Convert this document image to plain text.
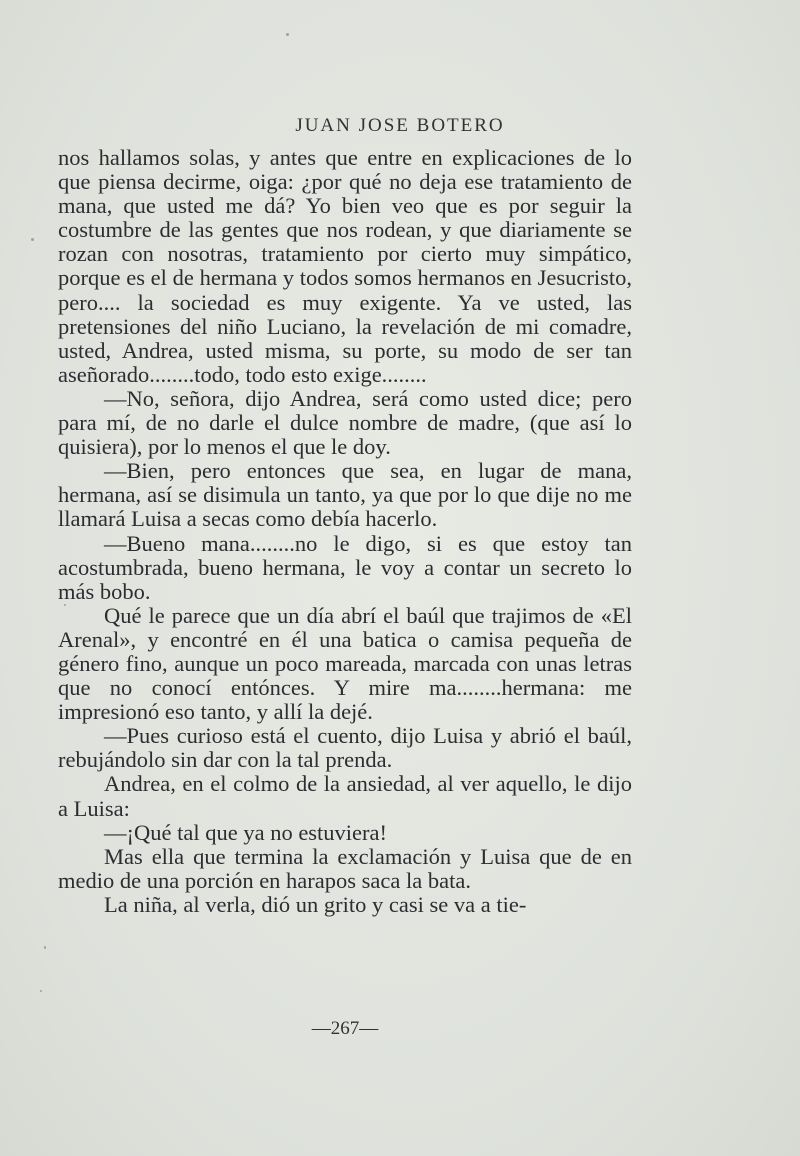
JUAN JOSE BOTERO

nos hallamos solas, y antes que entre en explicaciones de lo que piensa decirme, oiga: ¿por qué no deja ese tratamiento de mana, que usted me dá? Yo bien veo que es por seguir la costumbre de las gentes que nos rodean, y que diariamente se rozan con nosotras, tratamiento por cierto muy simpático, porque es el de hermana y todos somos hermanos en Jesucristo, pero.... la sociedad es muy exigente. Ya ve usted, las pretensiones del niño Luciano, la revelación de mi comadre, usted, Andrea, usted misma, su porte, su modo de ser tan aseñorado........todo, todo esto exige........

—No, señora, dijo Andrea, será como usted dice; pero para mí, de no darle el dulce nombre de madre, (que así lo quisiera), por lo menos el que le doy.

—Bien, pero entonces que sea, en lugar de mana, hermana, así se disimula un tanto, ya que por lo que dije no me llamará Luisa a secas como debía hacerlo.

—Bueno mana........no le digo, si es que estoy tan acostumbrada, bueno hermana, le voy a contar un secreto lo más bobo.

Qué le parece que un día abrí el baúl que trajimos de «El Arenal», y encontré en él una batica o camisa pequeña de género fino, aunque un poco mareada, marcada con unas letras que no conocí entónces. Y mire ma........hermana: me impresionó eso tanto, y allí la dejé.

—Pues curioso está el cuento, dijo Luisa y abrió el baúl, rebujándolo sin dar con la tal prenda.

Andrea, en el colmo de la ansiedad, al ver aquello, le dijo a Luisa:

—¡Qué tal que ya no estuviera!

Mas ella que termina la exclamación y Luisa que de en medio de una porción en harapos saca la bata.

La niña, al verla, dió un grito y casi se va a tie-

—267—
